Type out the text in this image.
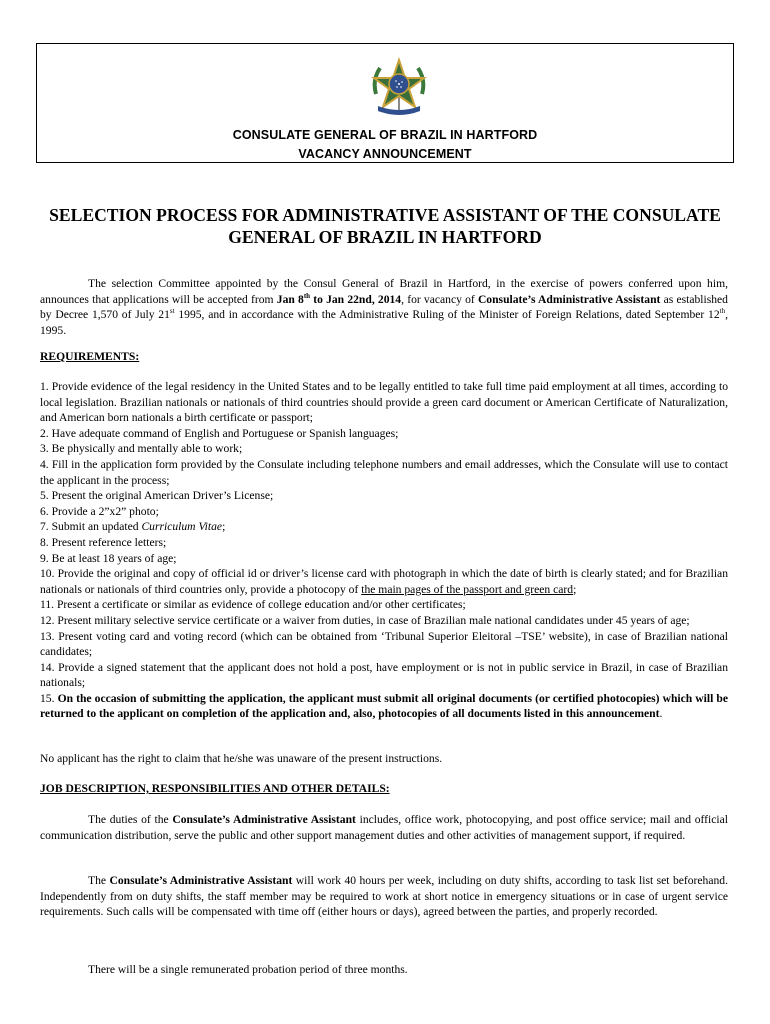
CONSULATE GENERAL OF BRAZIL IN HARTFORD
VACANCY ANNOUNCEMENT
SELECTION PROCESS FOR ADMINISTRATIVE ASSISTANT OF THE CONSULATE GENERAL OF BRAZIL IN HARTFORD

The selection Committee appointed by the Consul General of Brazil in Hartford, in the exercise of powers conferred upon him, announces that applications will be accepted from Jan 8th to Jan 22nd, 2014, for vacancy of Consulate’s Administrative Assistant as established by Decree 1,570 of July 21st 1995, and in accordance with the Administrative Ruling of the Minister of Foreign Relations, dated September 12th, 1995.

REQUIREMENTS:

1. Provide evidence of the legal residency in the United States and to be legally entitled to take full time paid employment at all times, according to local legislation. Brazilian nationals or nationals of third countries should provide a green card document or American Certificate of Naturalization, and American born nationals a birth certificate or passport;
2. Have adequate command of English and Portuguese or Spanish languages;
3. Be physically and mentally able to work;
4. Fill in the application form provided by the Consulate including telephone numbers and email addresses, which the Consulate will use to contact the applicant in the process;
5. Present the original American Driver’s License;
6. Provide a 2”x2” photo;
7. Submit an updated Curriculum Vitae;
8. Present reference letters;
9. Be at least 18 years of age;
10. Provide the original and copy of official id or driver’s license card with photograph in which the date of birth is clearly stated; and for Brazilian nationals or nationals of third countries only, provide a photocopy of the main pages of the passport and green card;
11. Present a certificate or similar as evidence of college education and/or other certificates;
12. Present military selective service certificate or a waiver from duties, in case of Brazilian male national candidates under 45 years of age;
13. Present voting card and voting record (which can be obtained from ‘Tribunal Superior Eleitoral –TSE’ website), in case of Brazilian national candidates;
14. Provide a signed statement that the applicant does not hold a post, have employment or is not in public service in Brazil, in case of Brazilian nationals;
15. On the occasion of submitting the application, the applicant must submit all original documents (or certified photocopies) which will be returned to the applicant on completion of the application and, also, photocopies of all documents listed in this announcement.

No applicant has the right to claim that he/she was unaware of the present instructions.

JOB DESCRIPTION, RESPONSIBILITIES AND OTHER DETAILS:

The duties of the Consulate’s Administrative Assistant includes, office work, photocopying, and post office service; mail and official communication distribution, serve the public and other support management duties and other activities of management support, if required.

The Consulate’s Administrative Assistant will work 40 hours per week, including on duty shifts, according to task list set beforehand. Independently from on duty shifts, the staff member may be required to work at short notice in emergency situations or in case of urgent service requirements. Such calls will be compensated with time off (either hours or days), agreed between the parties, and properly recorded.

There will be a single remunerated probation period of three months.
